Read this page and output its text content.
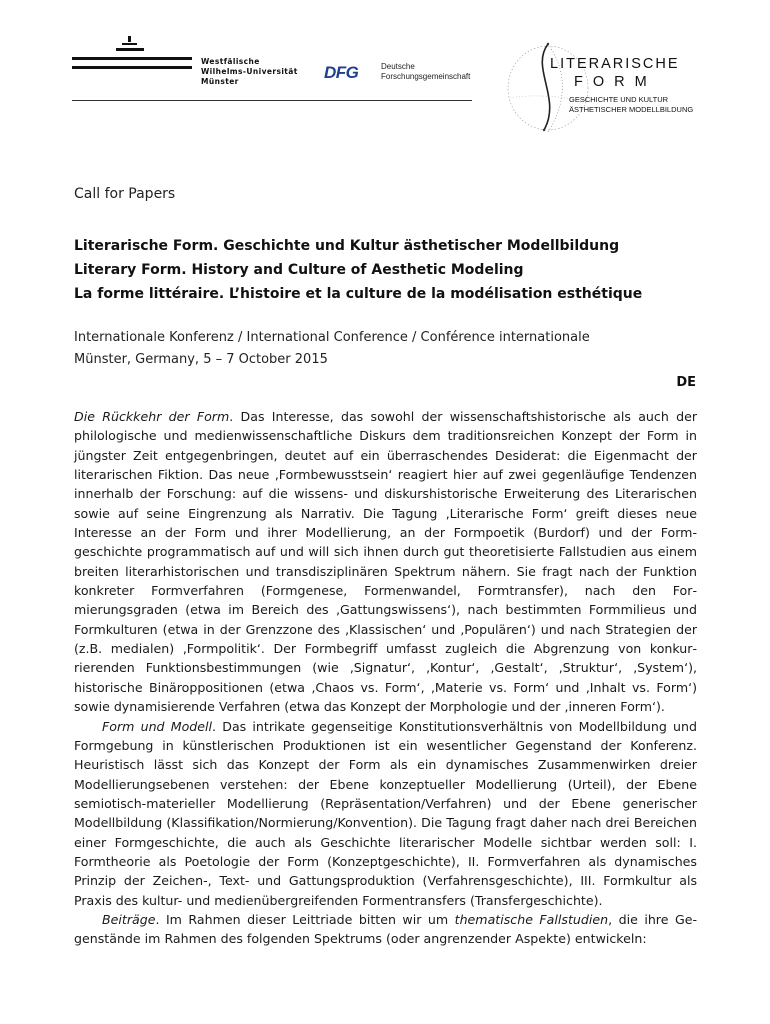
Westfälische
Wilhelms-Universität
Münster	DFG	Deutsche
Forschungsgemeinschaft
LITERARISCHE
FORM
GESCHICHTE UND KULTUR
ÄSTHETISCHER MODELLBILDUNG
Call for Papers
Literarische Form. Geschichte und Kultur ästhetischer Modellbildung
Literary Form. History and Culture of Aesthetic Modeling
La forme littéraire. L’histoire et la culture de la modélisation esthétique
Internationale Konferenz / International Conference / Conférence internationale
Münster, Germany, 5 – 7 October 2015
DE

Die Rückkehr der Form. Das Interesse, das sowohl der wissenschaftshistorische als auch der philologische und medienwissenschaftliche Diskurs dem traditionsreichen Konzept der Form in jüngster Zeit entgegenbringen, deutet auf ein überraschendes Desiderat: die Eigenmacht der literarischen Fiktion. Das neue ‚Formbewusstsein‘ reagiert hier auf zwei gegenläufige Tendenzen innerhalb der Forschung: auf die wissens- und diskurshistorische Erweiterung des Literarischen sowie auf seine Eingrenzung als Narrativ. Die Tagung ‚Literarische Form‘ greift dieses neue Interesse an der Form und ihrer Modellierung, an der Formpoetik (Burdorf) und der Formgeschichte programmatisch auf und will sich ihnen durch gut theoretisierte Fallstudien aus einem breiten literarhistorischen und transdisziplinären Spektrum nähern. Sie fragt nach der Funktion konkreter Formverfahren (Formgenese, Formenwandel, Formtransfer), nach den Formierungsgraden (etwa im Bereich des ‚Gattungswissens‘), nach bestimmten Formmilieus und Formkulturen (etwa in der Grenzzone des ‚Klassischen‘ und ‚Populären‘) und nach Strategien der (z.B. medialen) ‚Formpolitik‘. Der Formbegriff umfasst zugleich die Abgrenzung von konkurrierenden Funktionsbestimmungen (wie ‚Signatur‘, ‚Kontur‘, ‚Gestalt‘, ‚Struktur‘, ‚System‘), historische Binäroppositionen (etwa ‚Chaos vs. Form‘, ‚Materie vs. Form‘ und ‚Inhalt vs. Form‘) sowie dynamisierende Verfahren (etwa das Konzept der Morphologie und der ‚inneren Form‘).

Form und Modell. Das intrikate gegenseitige Konstitutionsverhältnis von Modellbildung und Formgebung in künstlerischen Produktionen ist ein wesentlicher Gegenstand der Konferenz. Heuristisch lässt sich das Konzept der Form als ein dynamisches Zusammenwirken dreier Modellierungsebenen verstehen: der Ebene konzeptueller Modellierung (Urteil), der Ebene semiotisch-materieller Modellierung (Repräsentation/Verfahren) und der Ebene generischer Modellbildung (Klassifikation/Normierung/Konvention). Die Tagung fragt daher nach drei Bereichen einer Formgeschichte, die auch als Geschichte literarischer Modelle sichtbar werden soll: I. Formtheorie als Poetologie der Form (Konzeptgeschichte), II. Formverfahren als dynamisches Prinzip der Zeichen-, Text- und Gattungsproduktion (Verfahrensgeschichte), III. Formkultur als Praxis des kultur- und medienübergreifenden Formentransfers (Transfergeschichte).

Beiträge. Im Rahmen dieser Leittriade bitten wir um thematische Fallstudien, die ihre Gegenstände im Rahmen des folgenden Spektrums (oder angrenzender Aspekte) entwickeln:
